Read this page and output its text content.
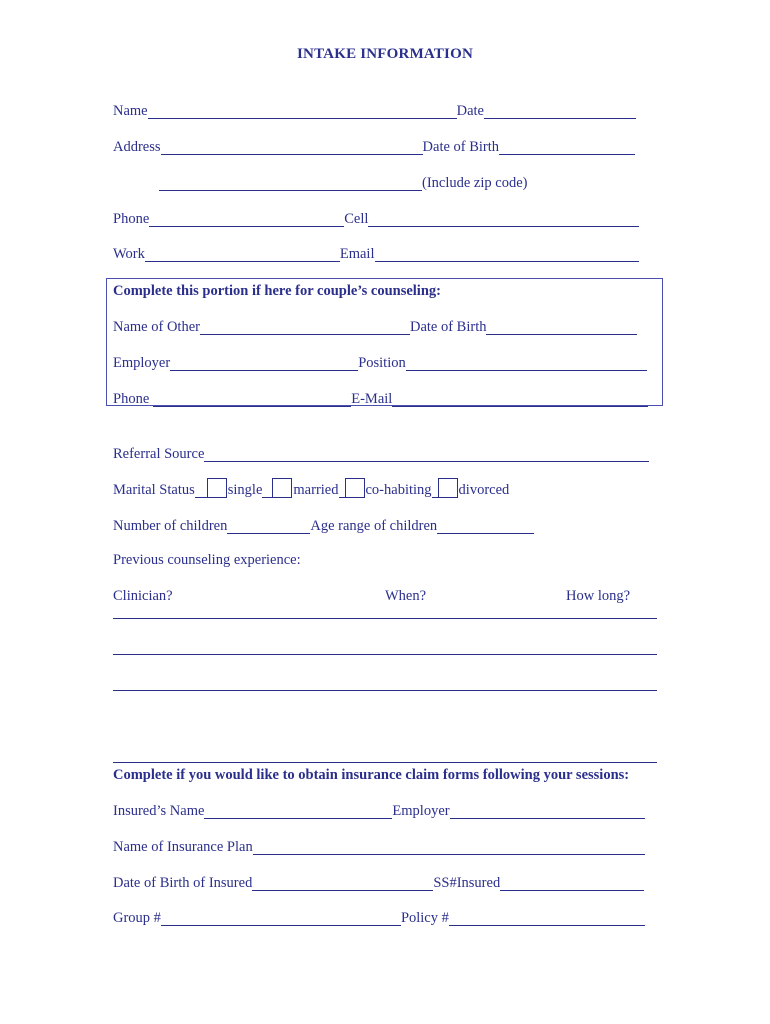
INTAKE INFORMATION
Name	Date
Address	Date of Birth
(Include zip code)
Phone	Cell
Work	Email
Complete this portion if here for couple’s counseling:
Name of Other	Date of Birth
Employer	Position
Phone	E-Mail
Referral Source
Marital Status single married co-habiting divorced
Number of children	Age range of children
Previous counseling experience:
Clinician?	When?	How long?
Complete if you would like to obtain insurance claim forms following your sessions:
Insured’s Name	Employer
Name of Insurance Plan
Date of Birth of Insured	SS#Insured
Group #	Policy #
